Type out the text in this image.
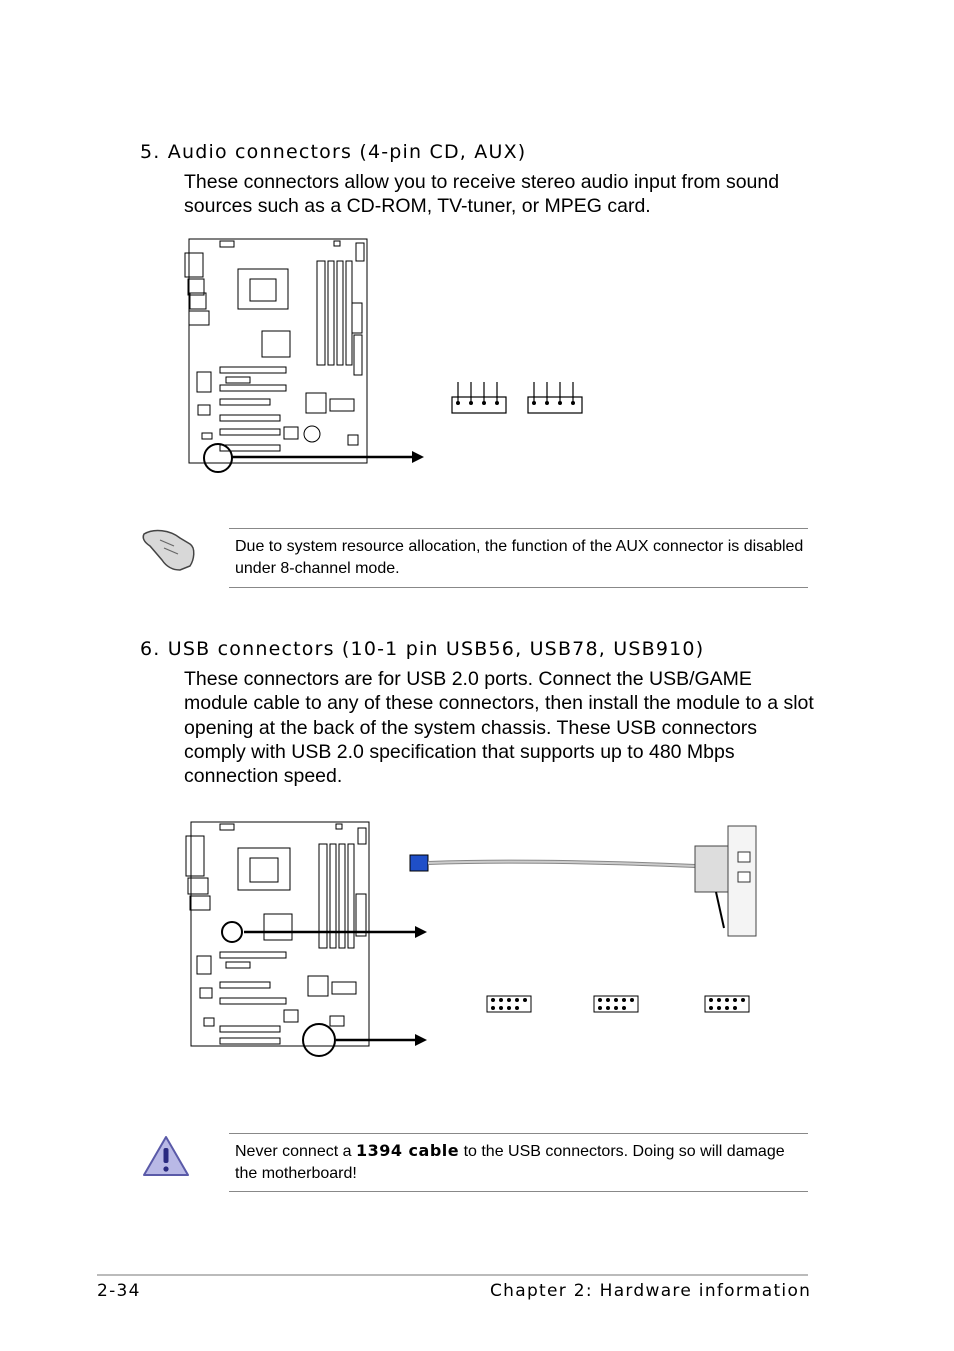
5. Audio connectors (4-pin CD, AUX)
These connectors allow you to receive stereo audio input from sound sources such as a CD-ROM, TV-tuner, or MPEG card.
Due to system resource allocation, the function of the AUX connector is disabled under 8-channel mode.
6. USB connectors (10-1 pin USB56, USB78, USB910)
These connectors are for USB 2.0 ports. Connect the USB/GAME module cable to any of these connectors, then install the module to a slot opening at the back of the system chassis. These USB connectors comply with USB 2.0 specification that supports up to 480 Mbps connection speed.
Never connect a 1394 cable to the USB connectors. Doing so will damage the motherboard!
2-34	Chapter 2: Hardware information
